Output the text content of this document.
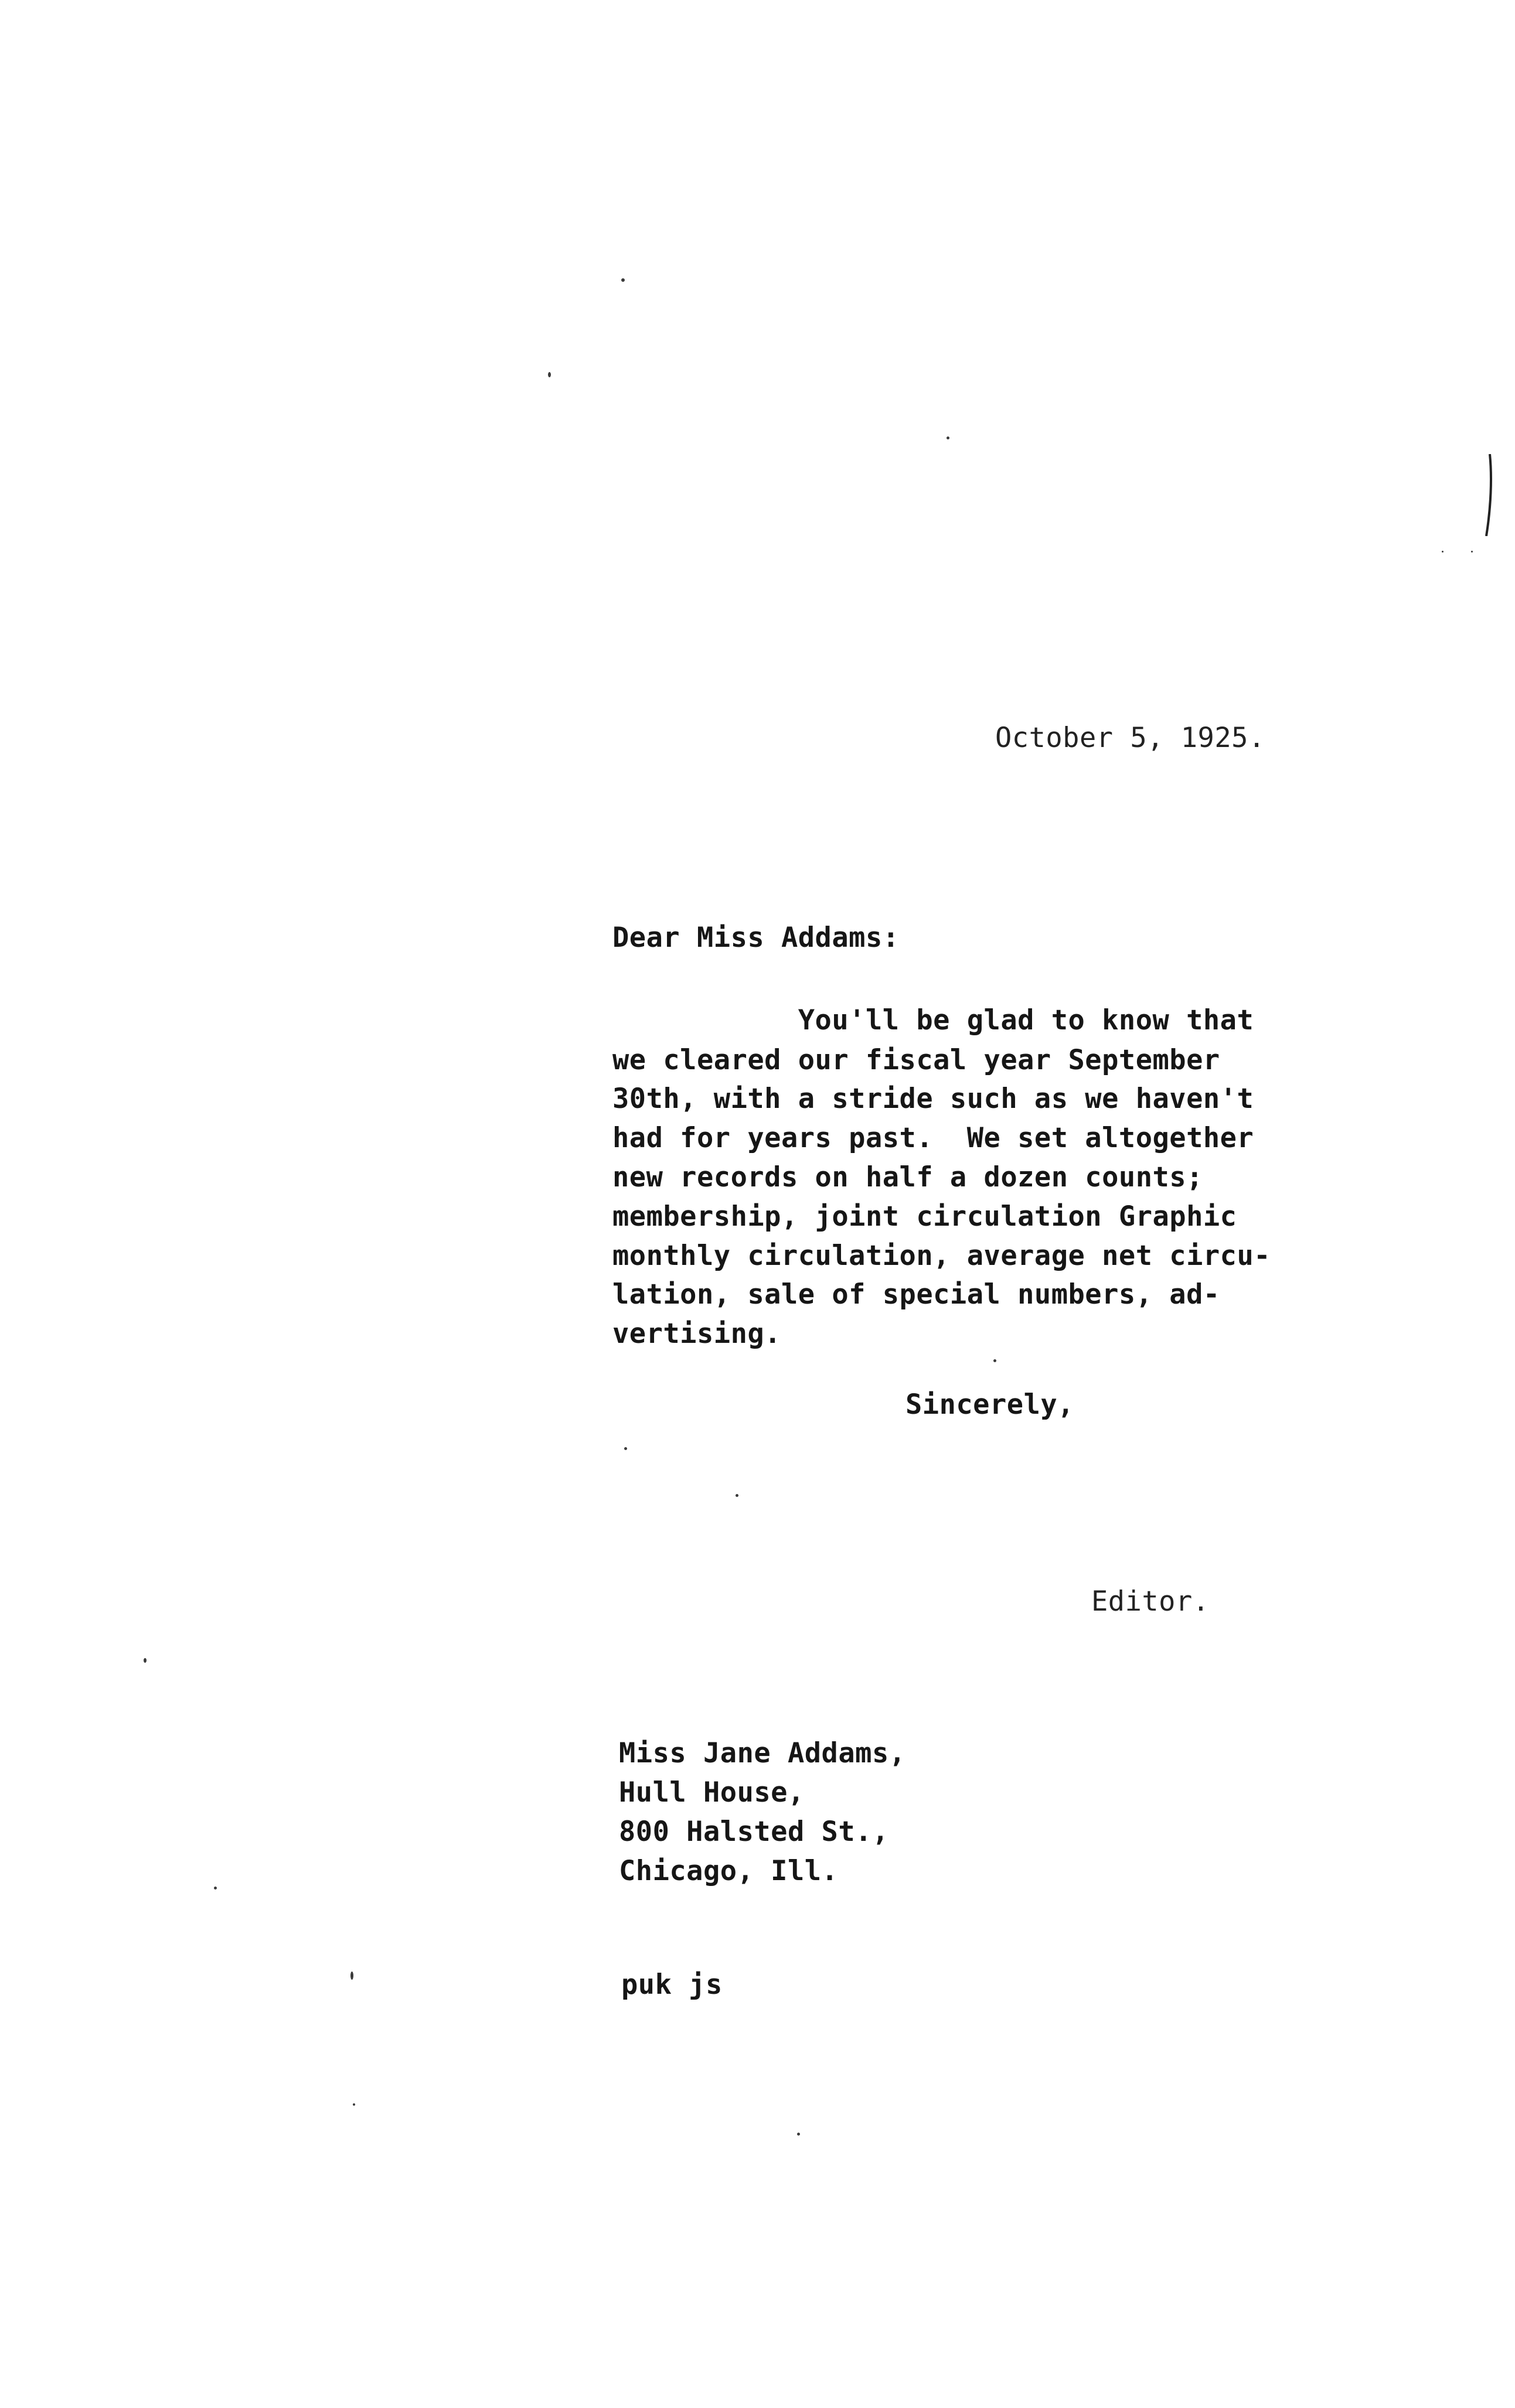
October 5, 1925.
Dear Miss Addams:
You'll be glad to know that
we cleared our fiscal year September
30th, with a stride such as we haven't
had for years past.  We set altogether
new records on half a dozen counts;
membership, joint circulation Graphic
monthly circulation, average net circu-
lation, sale of special numbers, ad-
vertising.
Sincerely,
Editor.
Miss Jane Addams,
Hull House,
800 Halsted St.,
Chicago, Ill.
puk js
